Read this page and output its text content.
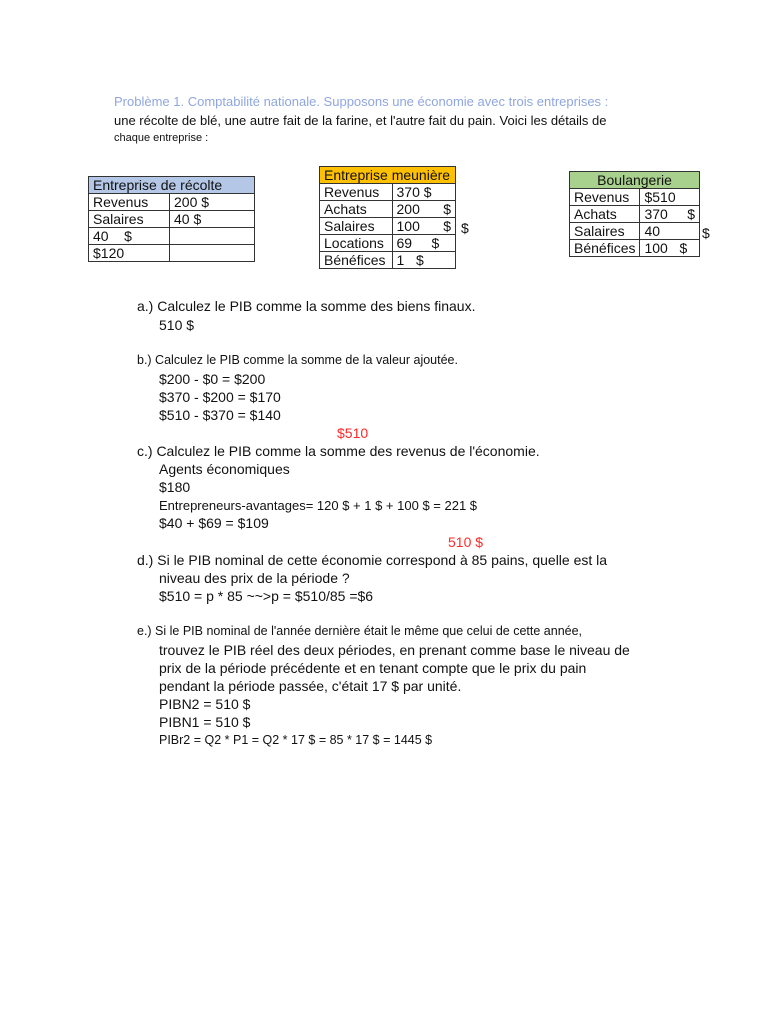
Problème 1. Comptabilité nationale. Supposons une économie avec trois entreprises :
une récolte de blé, une autre fait de la farine, et l'autre fait du pain. Voici les détails de
chaque entreprise :
Entreprise de récolte	
Revenus	200 $
Salaires	40 $
40    $	
$120	
Entreprise meunière	
Revenus	370 $
Achats	200      $
Salaires	100      $
Locations	69     $
Bénéfices	1   $
$
Boulangerie	
Revenus	$510
Achats	370     $
Salaires	40
Bénéfices	100   $
$
a.) Calculez le PIB comme la somme des biens finaux.
510 $
b.) Calculez le PIB comme la somme de la valeur ajoutée.
$200 - $0 = $200
$370 - $200 = $170
$510 - $370 = $140
$510
c.) Calculez le PIB comme la somme des revenus de l'économie.
Agents économiques
$180
Entrepreneurs-avantages= 120 $ + 1 $ + 100 $ = 221 $
$40 + $69 = $109
510 $
d.) Si le PIB nominal de cette économie correspond à 85 pains, quelle est la
niveau des prix de la période ?
$510 = p * 85 ~~>p = $510/85 =$6
e.) Si le PIB nominal de l'année dernière était le même que celui de cette année,
trouvez le PIB réel des deux périodes, en prenant comme base le niveau de
prix de la période précédente et en tenant compte que le prix du pain
pendant la période passée, c'était 17 $ par unité.
PIBN2 = 510 $
PIBN1 = 510 $
PIBr2 = Q2 * P1 = Q2 * 17 $ = 85 * 17 $ = 1445 $
